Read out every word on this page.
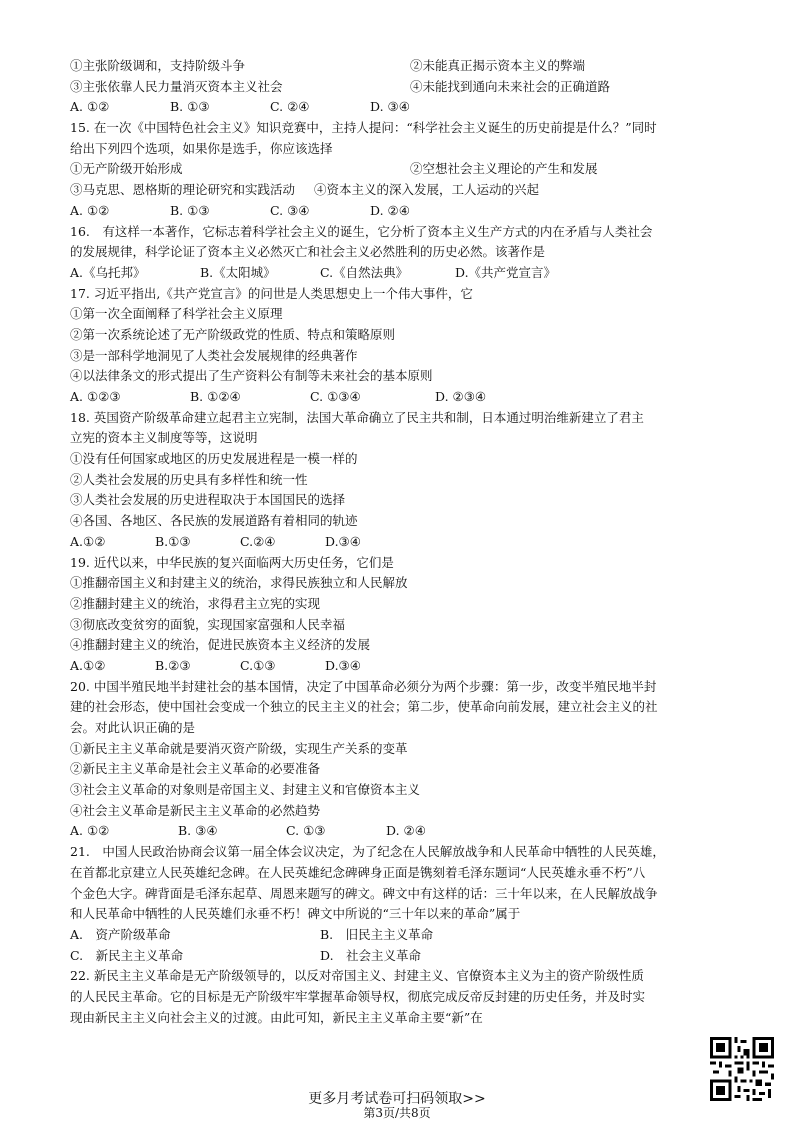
①主张阶级调和，支持阶级斗争	②未能真正揭示资本主义的弊端
③主张依靠人民力量消灭资本主义社会	④未能找到通向未来社会的正确道路
A. ①②	B. ①③	C. ②④	D. ③④
15. 在一次《中国特色社会主义》知识竞赛中，主持人提问：“科学社会主义诞生的历史前提是什么？”同时
给出下列四个选项，如果你是选手，你应该选择
①无产阶级开始形成	②空想社会主义理论的产生和发展
③马克思、恩格斯的理论研究和实践活动	④资本主义的深入发展，工人运动的兴起
A. ①②	B. ①③	C. ③④	D. ②④
16.　有这样一本著作，它标志着科学社会主义的诞生，它分析了资本主义生产方式的内在矛盾与人类社会
的发展规律，科学论证了资本主义必然灭亡和社会主义必然胜利的历史必然。该著作是
A.《乌托邦》	B.《太阳城》	C.《自然法典》	D.《共产党宣言》
17. 习近平指出,《共产党宣言》的问世是人类思想史上一个伟大事件，它
①第一次全面阐释了科学社会主义原理
②第一次系统论述了无产阶级政党的性质、特点和策略原则
③是一部科学地洞见了人类社会发展规律的经典著作
④以法律条文的形式提出了生产资料公有制等未来社会的基本原则
A. ①②③	B. ①②④	C. ①③④	D. ②③④
18. 英国资产阶级革命建立起君主立宪制，法国大革命确立了民主共和制，日本通过明治维新建立了君主
立宪的资本主义制度等等，这说明
①没有任何国家或地区的历史发展进程是一模一样的
②人类社会发展的历史具有多样性和统一性
③人类社会发展的历史进程取决于本国国民的选择
④各国、各地区、各民族的发展道路有着相同的轨迹
A.①②	B.①③	C.②④	D.③④
19. 近代以来，中华民族的复兴面临两大历史任务，它们是
①推翻帝国主义和封建主义的统治，求得民族独立和人民解放
②推翻封建主义的统治，求得君主立宪的实现
③彻底改变贫穷的面貌，实现国家富强和人民幸福
④推翻封建主义的统治，促进民族资本主义经济的发展
A.①②	B.②③	C.①③	D.③④
20. 中国半殖民地半封建社会的基本国情，决定了中国革命必须分为两个步骤：第一步，改变半殖民地半封
建的社会形态，使中国社会变成一个独立的民主主义的社会；第二步，使革命向前发展，建立社会主义的社
会。对此认识正确的是
①新民主主义革命就是要消灭资产阶级，实现生产关系的变革
②新民主主义革命是社会主义革命的必要准备
③社会主义革命的对象则是帝国主义、封建主义和官僚资本主义
④社会主义革命是新民主主义革命的必然趋势
A. ①②	B. ③④	C. ①③	D. ②④
21.　中国人民政治协商会议第一届全体会议决定，为了纪念在人民解放战争和人民革命中牺牲的人民英雄，
在首都北京建立人民英雄纪念碑。在人民英雄纪念碑碑身正面是镌刻着毛泽东题词“人民英雄永垂不朽”八
个金色大字。碑背面是毛泽东起草、周恩来题写的碑文。碑文中有这样的话：三十年以来，在人民解放战争
和人民革命中牺牲的人民英雄们永垂不朽！碑文中所说的“三十年以来的革命”属于
A.　资产阶级革命	B.　旧民主主义革命
C.　新民主主义革命	D.　社会主义革命
22. 新民主主义革命是无产阶级领导的，以反对帝国主义、封建主义、官僚资本主义为主的资产阶级性质
的人民民主革命。它的目标是无产阶级牢牢掌握革命领导权，彻底完成反帝反封建的历史任务，并及时实
现由新民主主义向社会主义的过渡。由此可知，新民主主义革命主要“新”在
更多月考试卷可扫码领取>>
第3页/共8页
